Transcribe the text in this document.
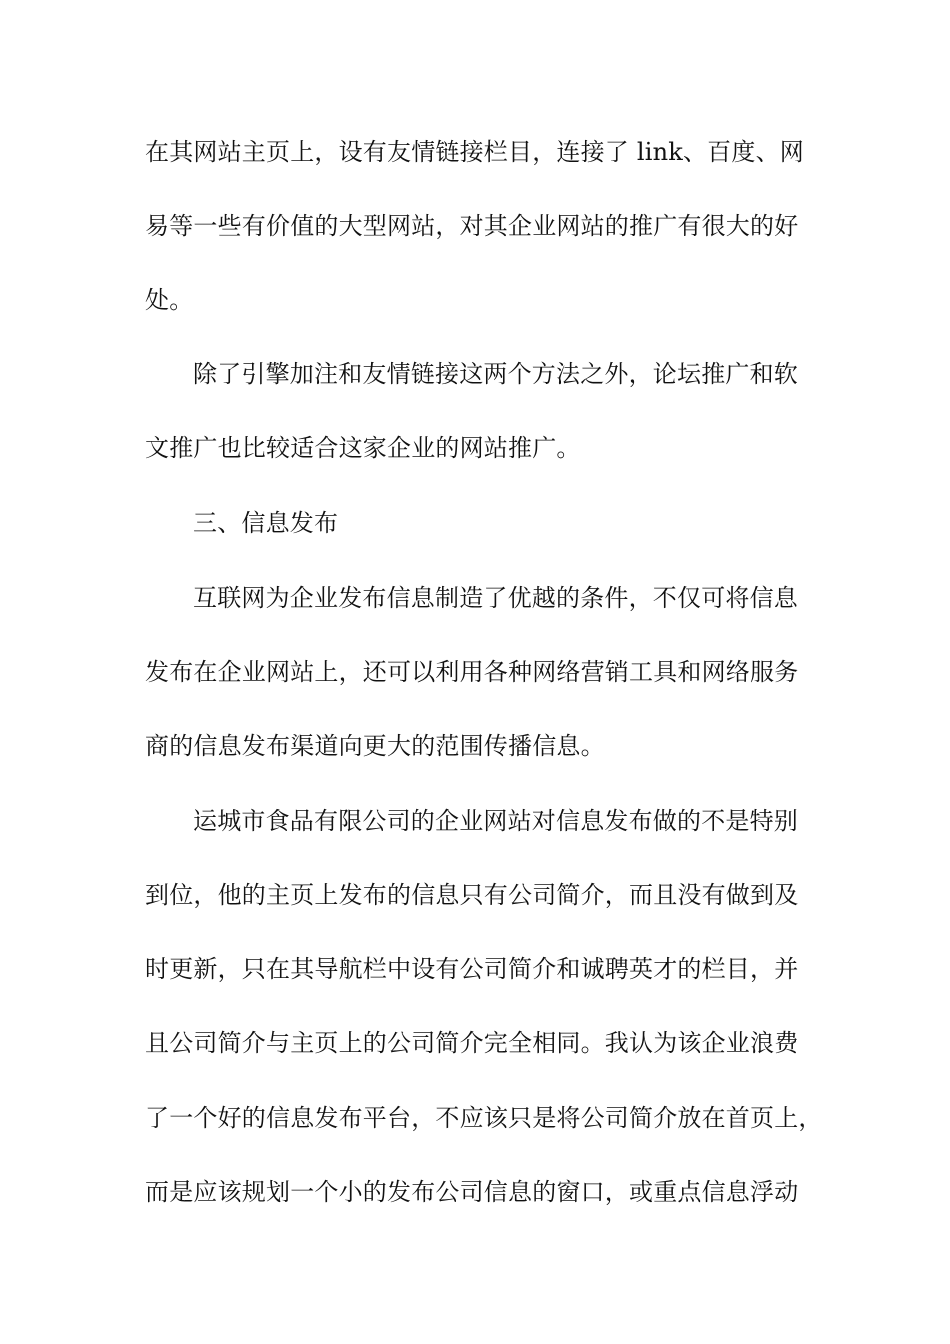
在其网站主页上，设有友情链接栏目，连接了 link、百度、网
易等一些有价值的大型网站，对其企业网站的推广有很大的好
处。
除了引擎加注和友情链接这两个方法之外，论坛推广和软
文推广也比较适合这家企业的网站推广。
三、信息发布
互联网为企业发布信息制造了优越的条件，不仅可将信息
发布在企业网站上，还可以利用各种网络营销工具和网络服务
商的信息发布渠道向更大的范围传播信息。
运城市食品有限公司的企业网站对信息发布做的不是特别
到位，他的主页上发布的信息只有公司简介，而且没有做到及
时更新，只在其导航栏中设有公司简介和诚聘英才的栏目，并
且公司简介与主页上的公司简介完全相同。我认为该企业浪费
了一个好的信息发布平台，不应该只是将公司简介放在首页上，
而是应该规划一个小的发布公司信息的窗口，或重点信息浮动
